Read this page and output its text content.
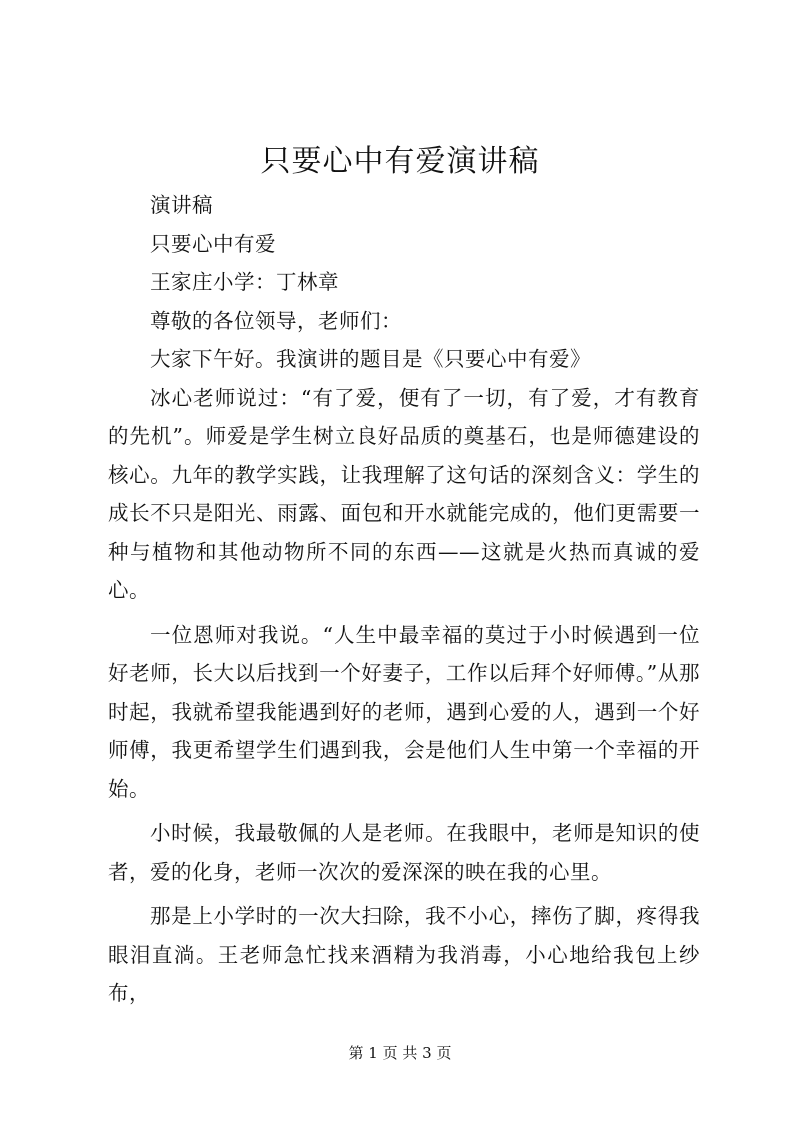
只要心中有爱演讲稿

演讲稿

只要心中有爱

王家庄小学：丁林章

尊敬的各位领导，老师们：

大家下午好。我演讲的题目是《只要心中有爱》

冰心老师说过：“有了爱，便有了一切，有了爱，才有教育的先机”。师爱是学生树立良好品质的奠基石，也是师德建设的核心。九年的教学实践，让我理解了这句话的深刻含义：学生的成长不只是阳光、雨露、面包和开水就能完成的，他们更需要一种与植物和其他动物所不同的东西——这就是火热而真诚的爱心。

一位恩师对我说。“人生中最幸福的莫过于小时候遇到一位好老师，长大以后找到一个好妻子，工作以后拜个好师傅。”从那时起，我就希望我能遇到好的老师，遇到心爱的人，遇到一个好师傅，我更希望学生们遇到我，会是他们人生中第一个幸福的开始。

小时候，我最敬佩的人是老师。在我眼中，老师是知识的使者，爱的化身，老师一次次的爱深深的映在我的心里。

那是上小学时的一次大扫除，我不小心，摔伤了脚，疼得我眼泪直淌。王老师急忙找来酒精为我消毒，小心地给我包上纱布，

第 1 页 共 3 页
